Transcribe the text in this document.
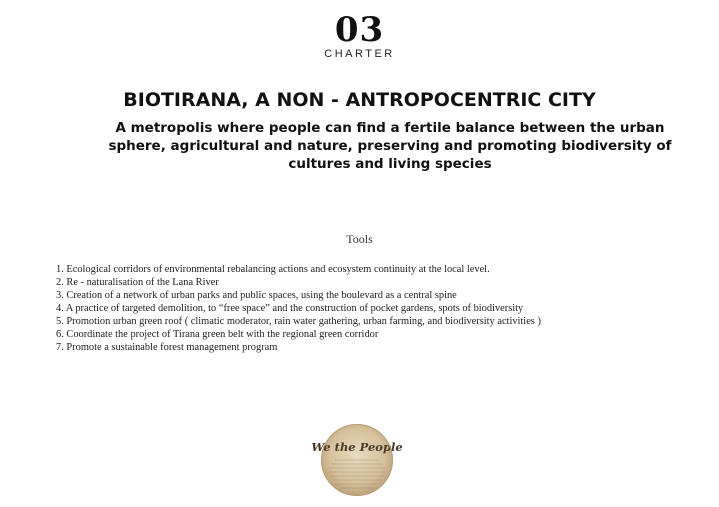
03
CHARTER
BIOTIRANA, A NON - ANTROPOCENTRIC CITY

A metropolis where people can find a fertile balance between the urban sphere, agricultural and nature, preserving and promoting biodiversity of cultures and living species

Tools
1. Ecological corridors of environmental rebalancing actions and ecosystem continuity at the local level.
2. Re - naturalisation of the Lana River
3. Creation of a network of urban parks and public spaces, using the boulevard as a central spine
4. A practice of targeted demolition, to “free space” and the construction of pocket gardens, spots of biodiversity
5. Promotion urban green roof ( climatic moderator, rain water gathering, urban farming, and biodiversity activities )
6. Coordinate the project of Tirana green belt with the regional green corridor
7. Promote a sustainable forest management program
We the People
